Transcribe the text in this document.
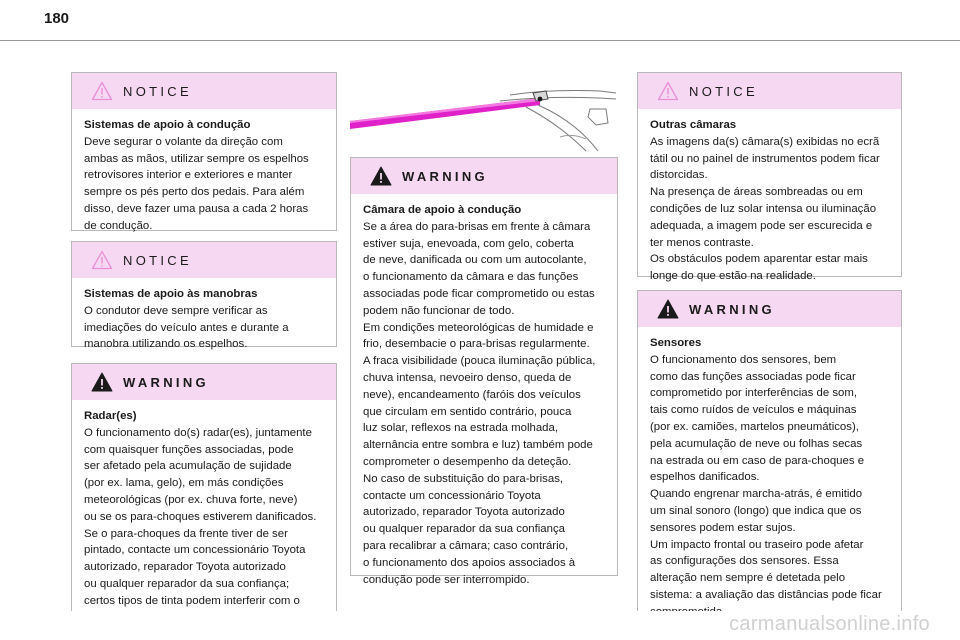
180
NOTICE
Sistemas de apoio à condução
Deve segurar o volante da direção com
ambas as mãos, utilizar sempre os espelhos
retrovisores interior e exteriores e manter
sempre os pés perto dos pedais. Para além
disso, deve fazer uma pausa a cada 2 horas
de condução.
NOTICE
Sistemas de apoio às manobras
O condutor deve sempre verificar as
imediações do veículo antes e durante a
manobra utilizando os espelhos.
WARNING
Radar(es)
O funcionamento do(s) radar(es), juntamente
com quaisquer funções associadas, pode
ser afetado pela acumulação de sujidade
(por ex. lama, gelo), em más condições
meteorológicas (por ex. chuva forte, neve)
ou se os para-choques estiverem danificados.
Se o para-choques da frente tiver de ser
pintado, contacte um concessionário Toyota
autorizado, reparador Toyota autorizado
ou qualquer reparador da sua confiança;
certos tipos de tinta podem interferir com o

WARNING
Câmara de apoio à condução
Se a área do para-brisas em frente à câmara
estiver suja, enevoada, com gelo, coberta
de neve, danificada ou com um autocolante,
o funcionamento da câmara e das funções
associadas pode ficar comprometido ou estas
podem não funcionar de todo.
Em condições meteorológicas de humidade e
frio, desembacie o para-brisas regularmente.
A fraca visibilidade (pouca iluminação pública,
chuva intensa, nevoeiro denso, queda de
neve), encandeamento (faróis dos veículos
que circulam em sentido contrário, pouca
luz solar, reflexos na estrada molhada,
alternância entre sombra e luz) também pode
comprometer o desempenho da deteção.
No caso de substituição do para-brisas,
contacte um concessionário Toyota
autorizado, reparador Toyota autorizado
ou qualquer reparador da sua confiança
para recalibrar a câmara; caso contrário,
o funcionamento dos apoios associados à
condução pode ser interrompido.
NOTICE
Outras câmaras
As imagens da(s) câmara(s) exibidas no ecrã
tátil ou no painel de instrumentos podem ficar
distorcidas.
Na presença de áreas sombreadas ou em
condições de luz solar intensa ou iluminação
adequada, a imagem pode ser escurecida e
ter menos contraste.
Os obstáculos podem aparentar estar mais
longe do que estão na realidade.
WARNING
Sensores
O funcionamento dos sensores, bem
como das funções associadas pode ficar
comprometido por interferências de som,
tais como ruídos de veículos e máquinas
(por ex. camiões, martelos pneumáticos),
pela acumulação de neve ou folhas secas
na estrada ou em caso de para-choques e
espelhos danificados.
Quando engrenar marcha-atrás, é emitido
um sinal sonoro (longo) que indica que os
sensores podem estar sujos.
Um impacto frontal ou traseiro pode afetar
as configurações dos sensores. Essa
alteração nem sempre é detetada pelo
sistema: a avaliação das distâncias pode ficar

carmanualsonline.info
